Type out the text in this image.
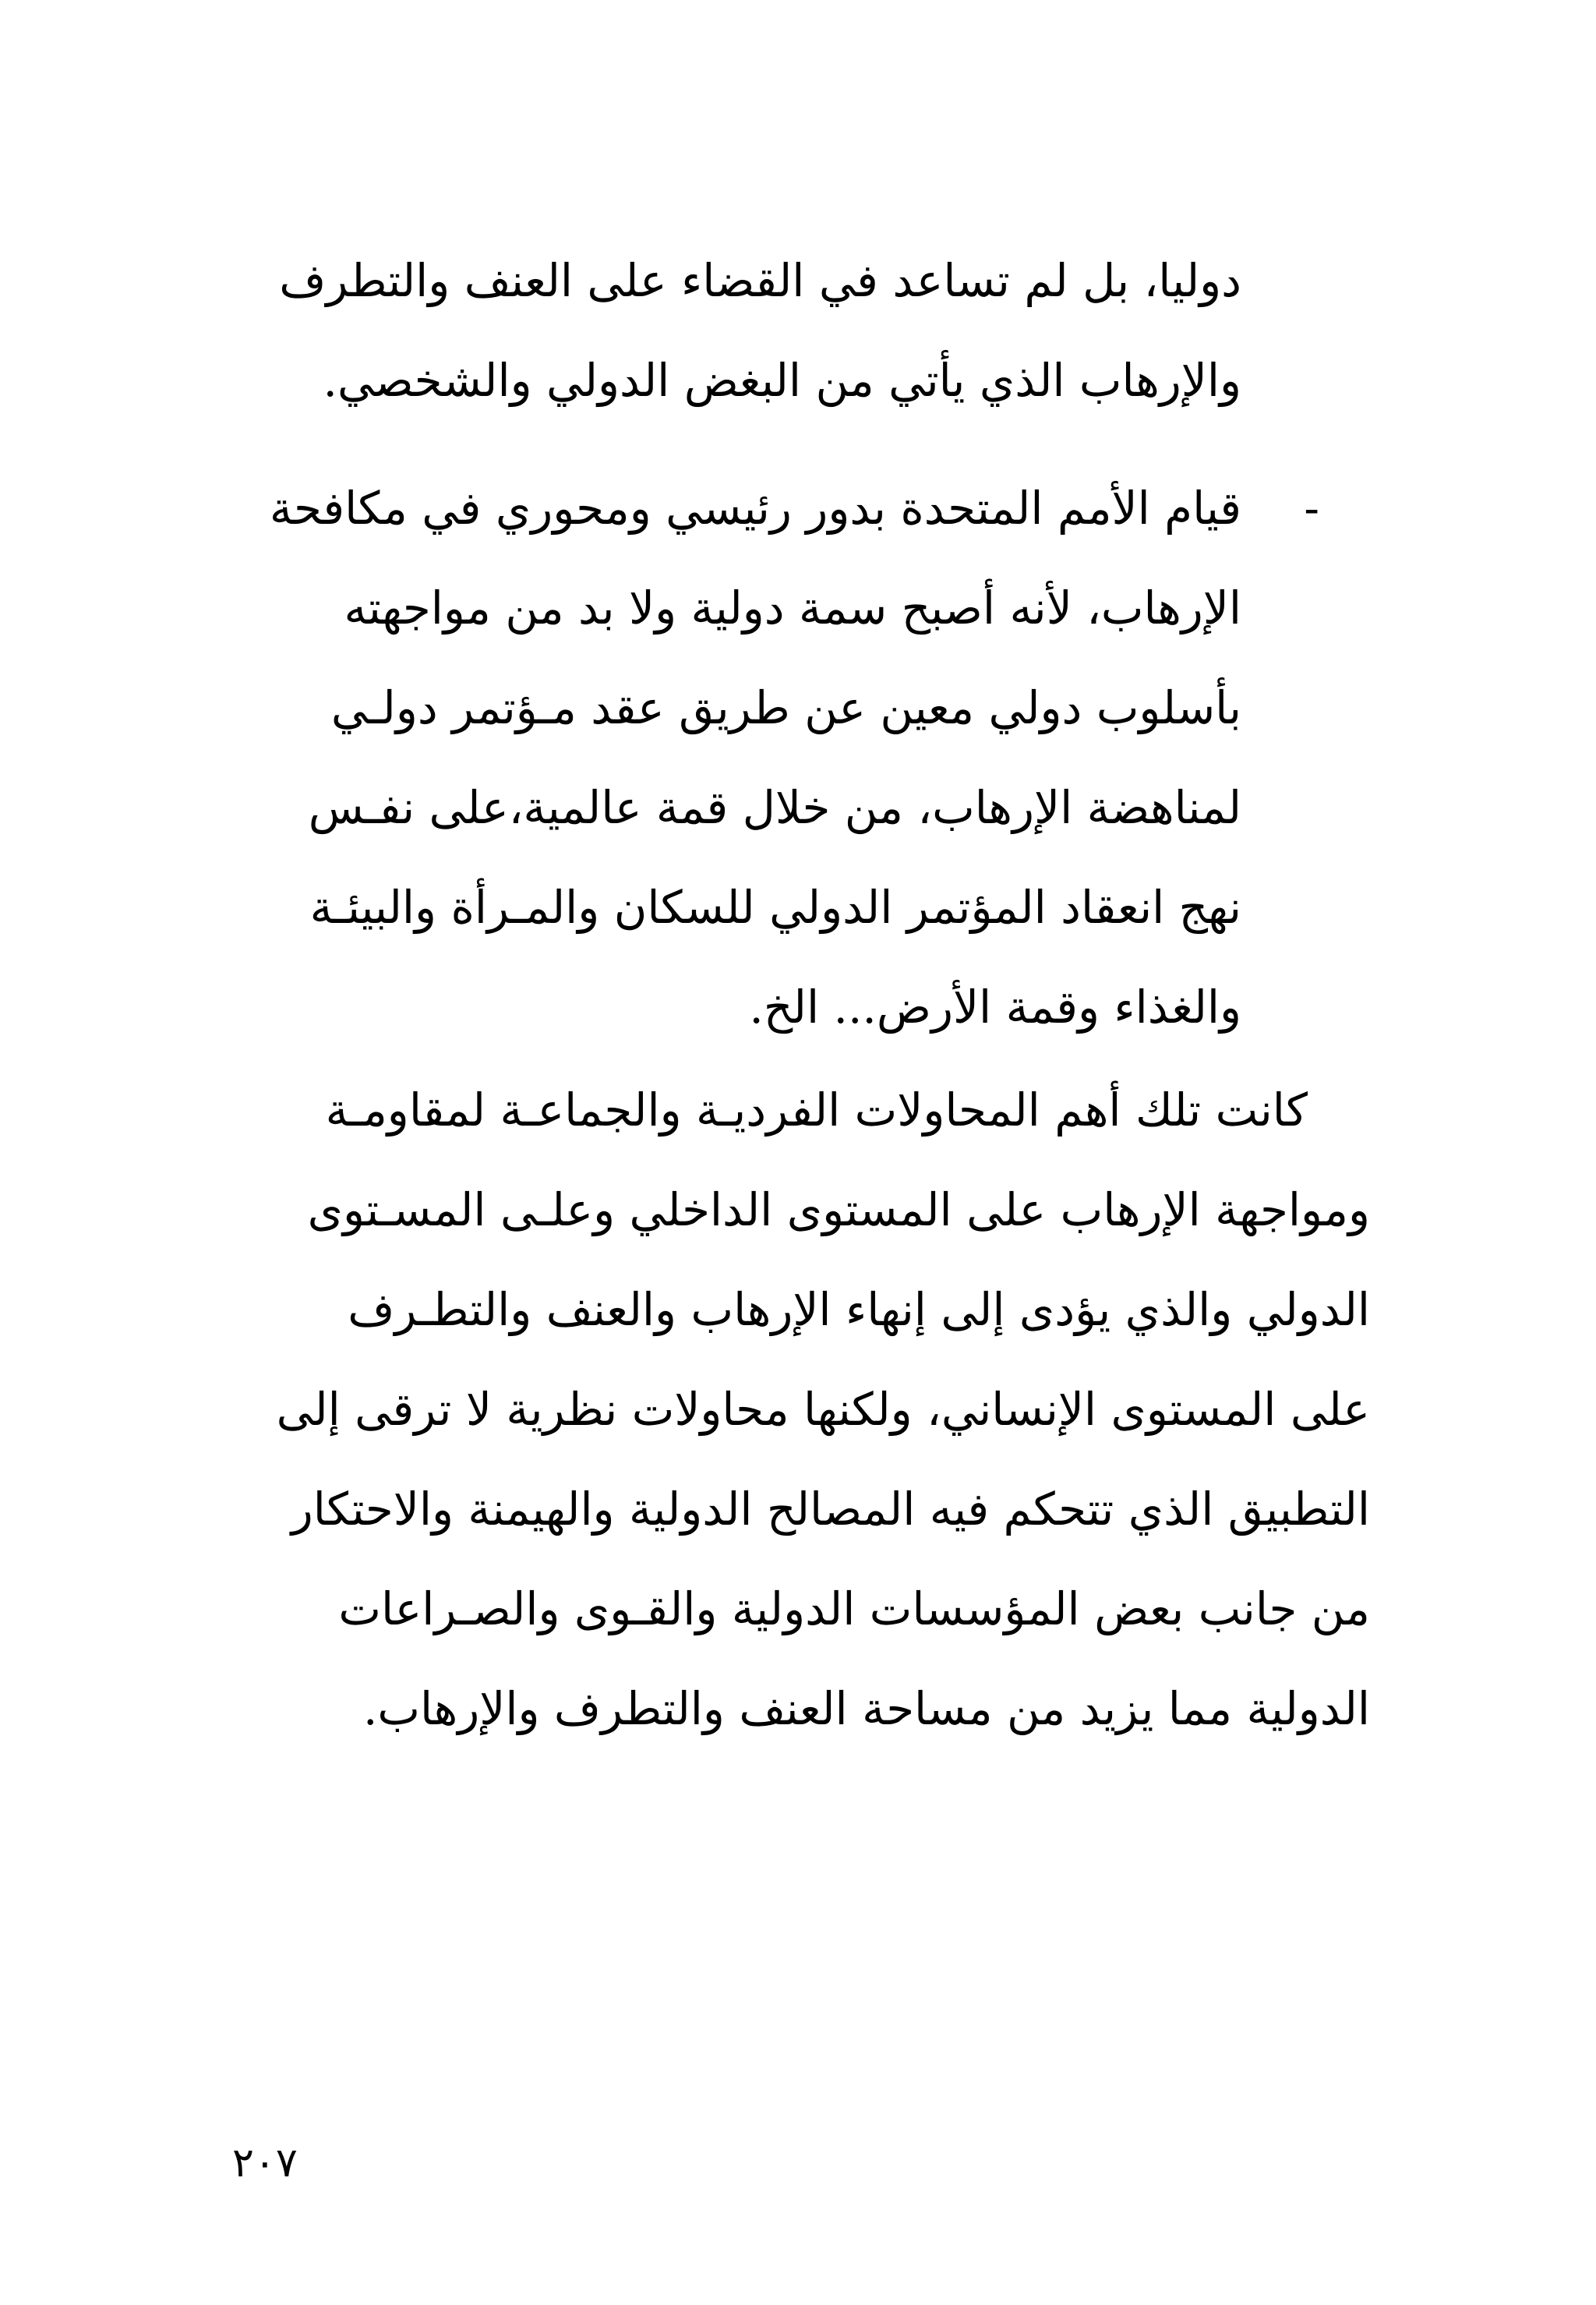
دوليا، بل لم تساعد في القضاء على العنف والتطرف
والإرهاب الذي يأتي من البغض الدولي والشخصي.
-
قيام الأمم المتحدة بدور رئيسي ومحوري في مكافحة
الإرهاب، لأنه أصبح سمة دولية ولا بد من مواجهته
بأسلوب دولي معين عن طريق عقد مـؤتمر دولـي
لمناهضة الإرهاب، من خلال قمة عالمية،على نفـس
نهج انعقاد المؤتمر الدولي للسكان والمـرأة والبيئـة
والغذاء وقمة الأرض... الخ.
كانت تلك أهم المحاولات الفرديـة والجماعـة لمقاومـة
ومواجهة الإرهاب على المستوى الداخلي وعلـى المسـتوى
الدولي والذي يؤدى إلى إنهاء الإرهاب والعنف والتطـرف
على المستوى الإنساني، ولكنها محاولات نظرية لا ترقى إلى
التطبيق الذي تتحكم فيه المصالح الدولية والهيمنة والاحتكار
من جانب بعض المؤسسات الدولية والقـوى والصـراعات
الدولية مما يزيد من مساحة العنف والتطرف والإرهاب.
٢٠٧
